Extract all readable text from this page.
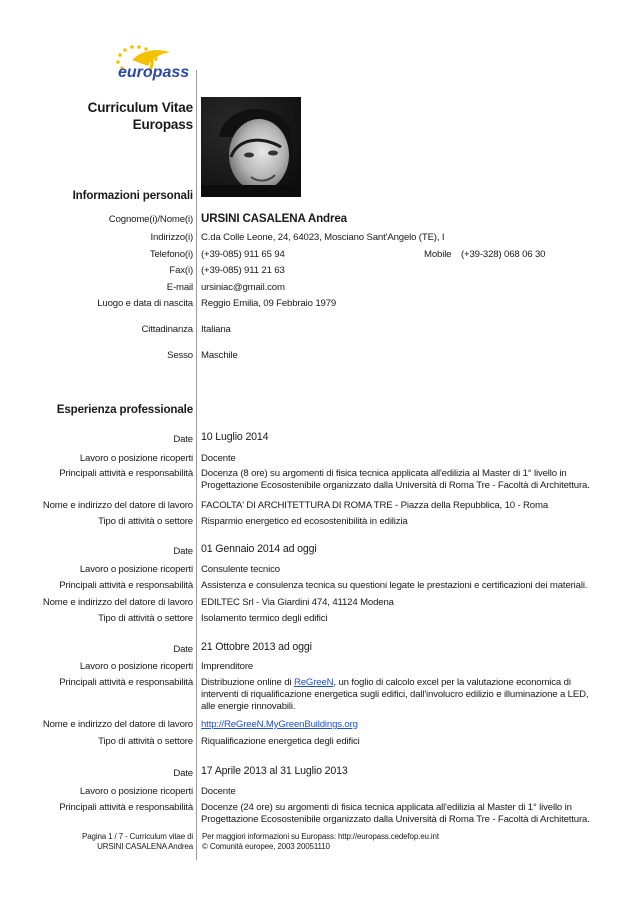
europass
Curriculum Vitae
Europass
Informazioni personali
Cognome(i)/Nome(i) URSINI CASALENA Andrea
Indirizzo(i) C.da Colle Leone, 24, 64023, Mosciano Sant'Angelo (TE), I
Telefono(i) (+39-085) 911 65 94	Mobile (+39-328) 068 06 30
Fax(i) (+39-085) 911 21 63
E-mail ursiniac@gmail.com
Luogo e data di nascita Reggio Emilia, 09 Febbraio 1979
Cittadinanza Italiana
Sesso Maschile
Esperienza professionale
Date 10 Luglio 2014
Lavoro o posizione ricoperti Docente
Principali attività e responsabilità Docenza (8 ore) su argomenti di fisica tecnica applicata all'edilizia al Master di 1° livello in Progettazione Ecosostenibile organizzato dalla Università di Roma Tre - Facoltà di Architettura.
Nome e indirizzo del datore di lavoro FACOLTA' DI ARCHITETTURA DI ROMA TRE - Piazza della Repubblica, 10 - Roma
Tipo di attività o settore Risparmio energetico ed ecosostenibilità in edilizia
Date 01 Gennaio 2014 ad oggi
Lavoro o posizione ricoperti Consulente tecnico
Principali attività e responsabilità Assistenza e consulenza tecnica su questioni legate le prestazioni e certificazioni dei materiali.
Nome e indirizzo del datore di lavoro EDILTEC Srl - Via Giardini 474, 41124 Modena
Tipo di attività o settore Isolamento termico degli edifici
Date 21 Ottobre 2013 ad oggi
Lavoro o posizione ricoperti Imprenditore
Principali attività e responsabilità Distribuzione online di ReGreeN, un foglio di calcolo excel per la valutazione economica di interventi di riqualificazione energetica sugli edifici, dall'involucro edilizio e illuminazione a LED, alle energie rinnovabili.
Nome e indirizzo del datore di lavoro http://ReGreeN.MyGreenBuildings.org
Tipo di attività o settore Riqualificazione energetica degli edifici
Date 17 Aprile 2013 al 31 Luglio 2013
Lavoro o posizione ricoperti Docente
Principali attività e responsabilità Docenze (24 ore) su argomenti di fisica tecnica applicata all'edilizia al Master di 1° livello in Progettazione Ecosostenibile organizzato dalla Università di Roma Tre - Facoltà di Architettura.
Pagina 1 / 7 - Curriculum vitae di
URSINI CASALENA Andrea
Per maggiori informazioni su Europass: http://europass.cedefop.eu.int
© Comunità europee, 2003 20051110
